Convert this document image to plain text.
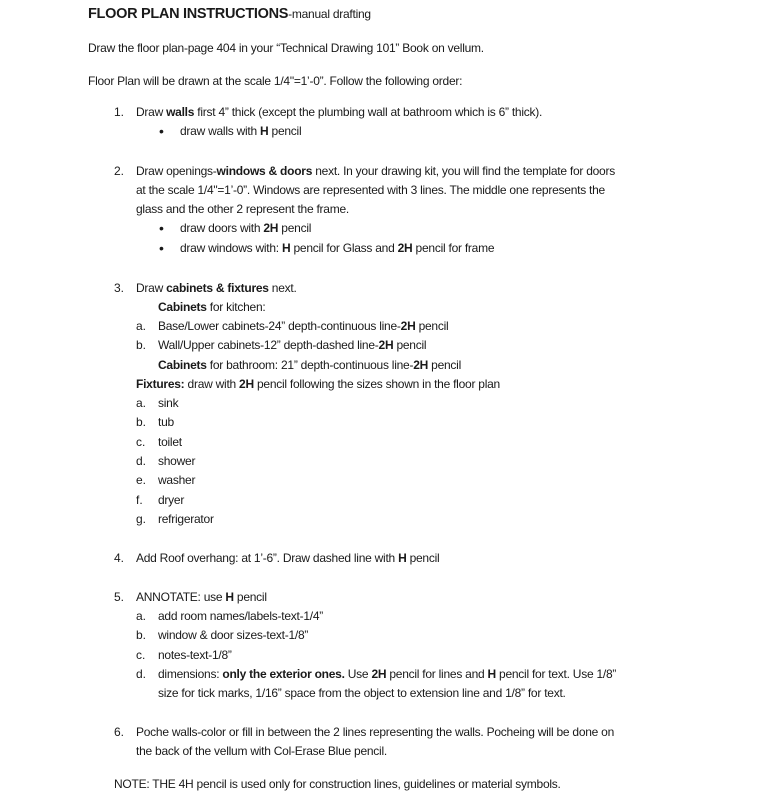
FLOOR PLAN INSTRUCTIONS-manual drafting
Draw the floor plan-page 404 in your “Technical Drawing 101” Book on vellum.
Floor Plan will be drawn at the scale 1/4"=1’-0”. Follow the following order:
1. Draw walls first 4” thick (except the plumbing wall at bathroom which is 6” thick).
• draw walls with H pencil
2. Draw openings-windows & doors next. In your drawing kit, you will find the template for doors
at the scale 1/4"=1’-0”. Windows are represented with 3 lines. The middle one represents the
glass and the other 2 represent the frame.
• draw doors with 2H pencil
• draw windows with: H pencil for Glass and 2H pencil for frame
3. Draw cabinets & fixtures next.
Cabinets for kitchen:
a. Base/Lower cabinets-24” depth-continuous line-2H pencil
b. Wall/Upper cabinets-12” depth-dashed line-2H pencil
Cabinets for bathroom: 21” depth-continuous line-2H pencil
Fixtures: draw with 2H pencil following the sizes shown in the floor plan
a. sink
b. tub
c. toilet
d. shower
e. washer
f. dryer
g. refrigerator
4. Add Roof overhang: at 1’-6”. Draw dashed line with H pencil
5. ANNOTATE: use H pencil
a. add room names/labels-text-1/4”
b. window & door sizes-text-1/8”
c. notes-text-1/8”
d. dimensions: only the exterior ones. Use 2H pencil for lines and H pencil for text. Use 1/8”
size for tick marks, 1/16” space from the object to extension line and 1/8” for text.
6. Poche walls-color or fill in between the 2 lines representing the walls. Pocheing will be done on
the back of the vellum with Col-Erase Blue pencil.
NOTE: THE 4H pencil is used only for construction lines, guidelines or material symbols.
